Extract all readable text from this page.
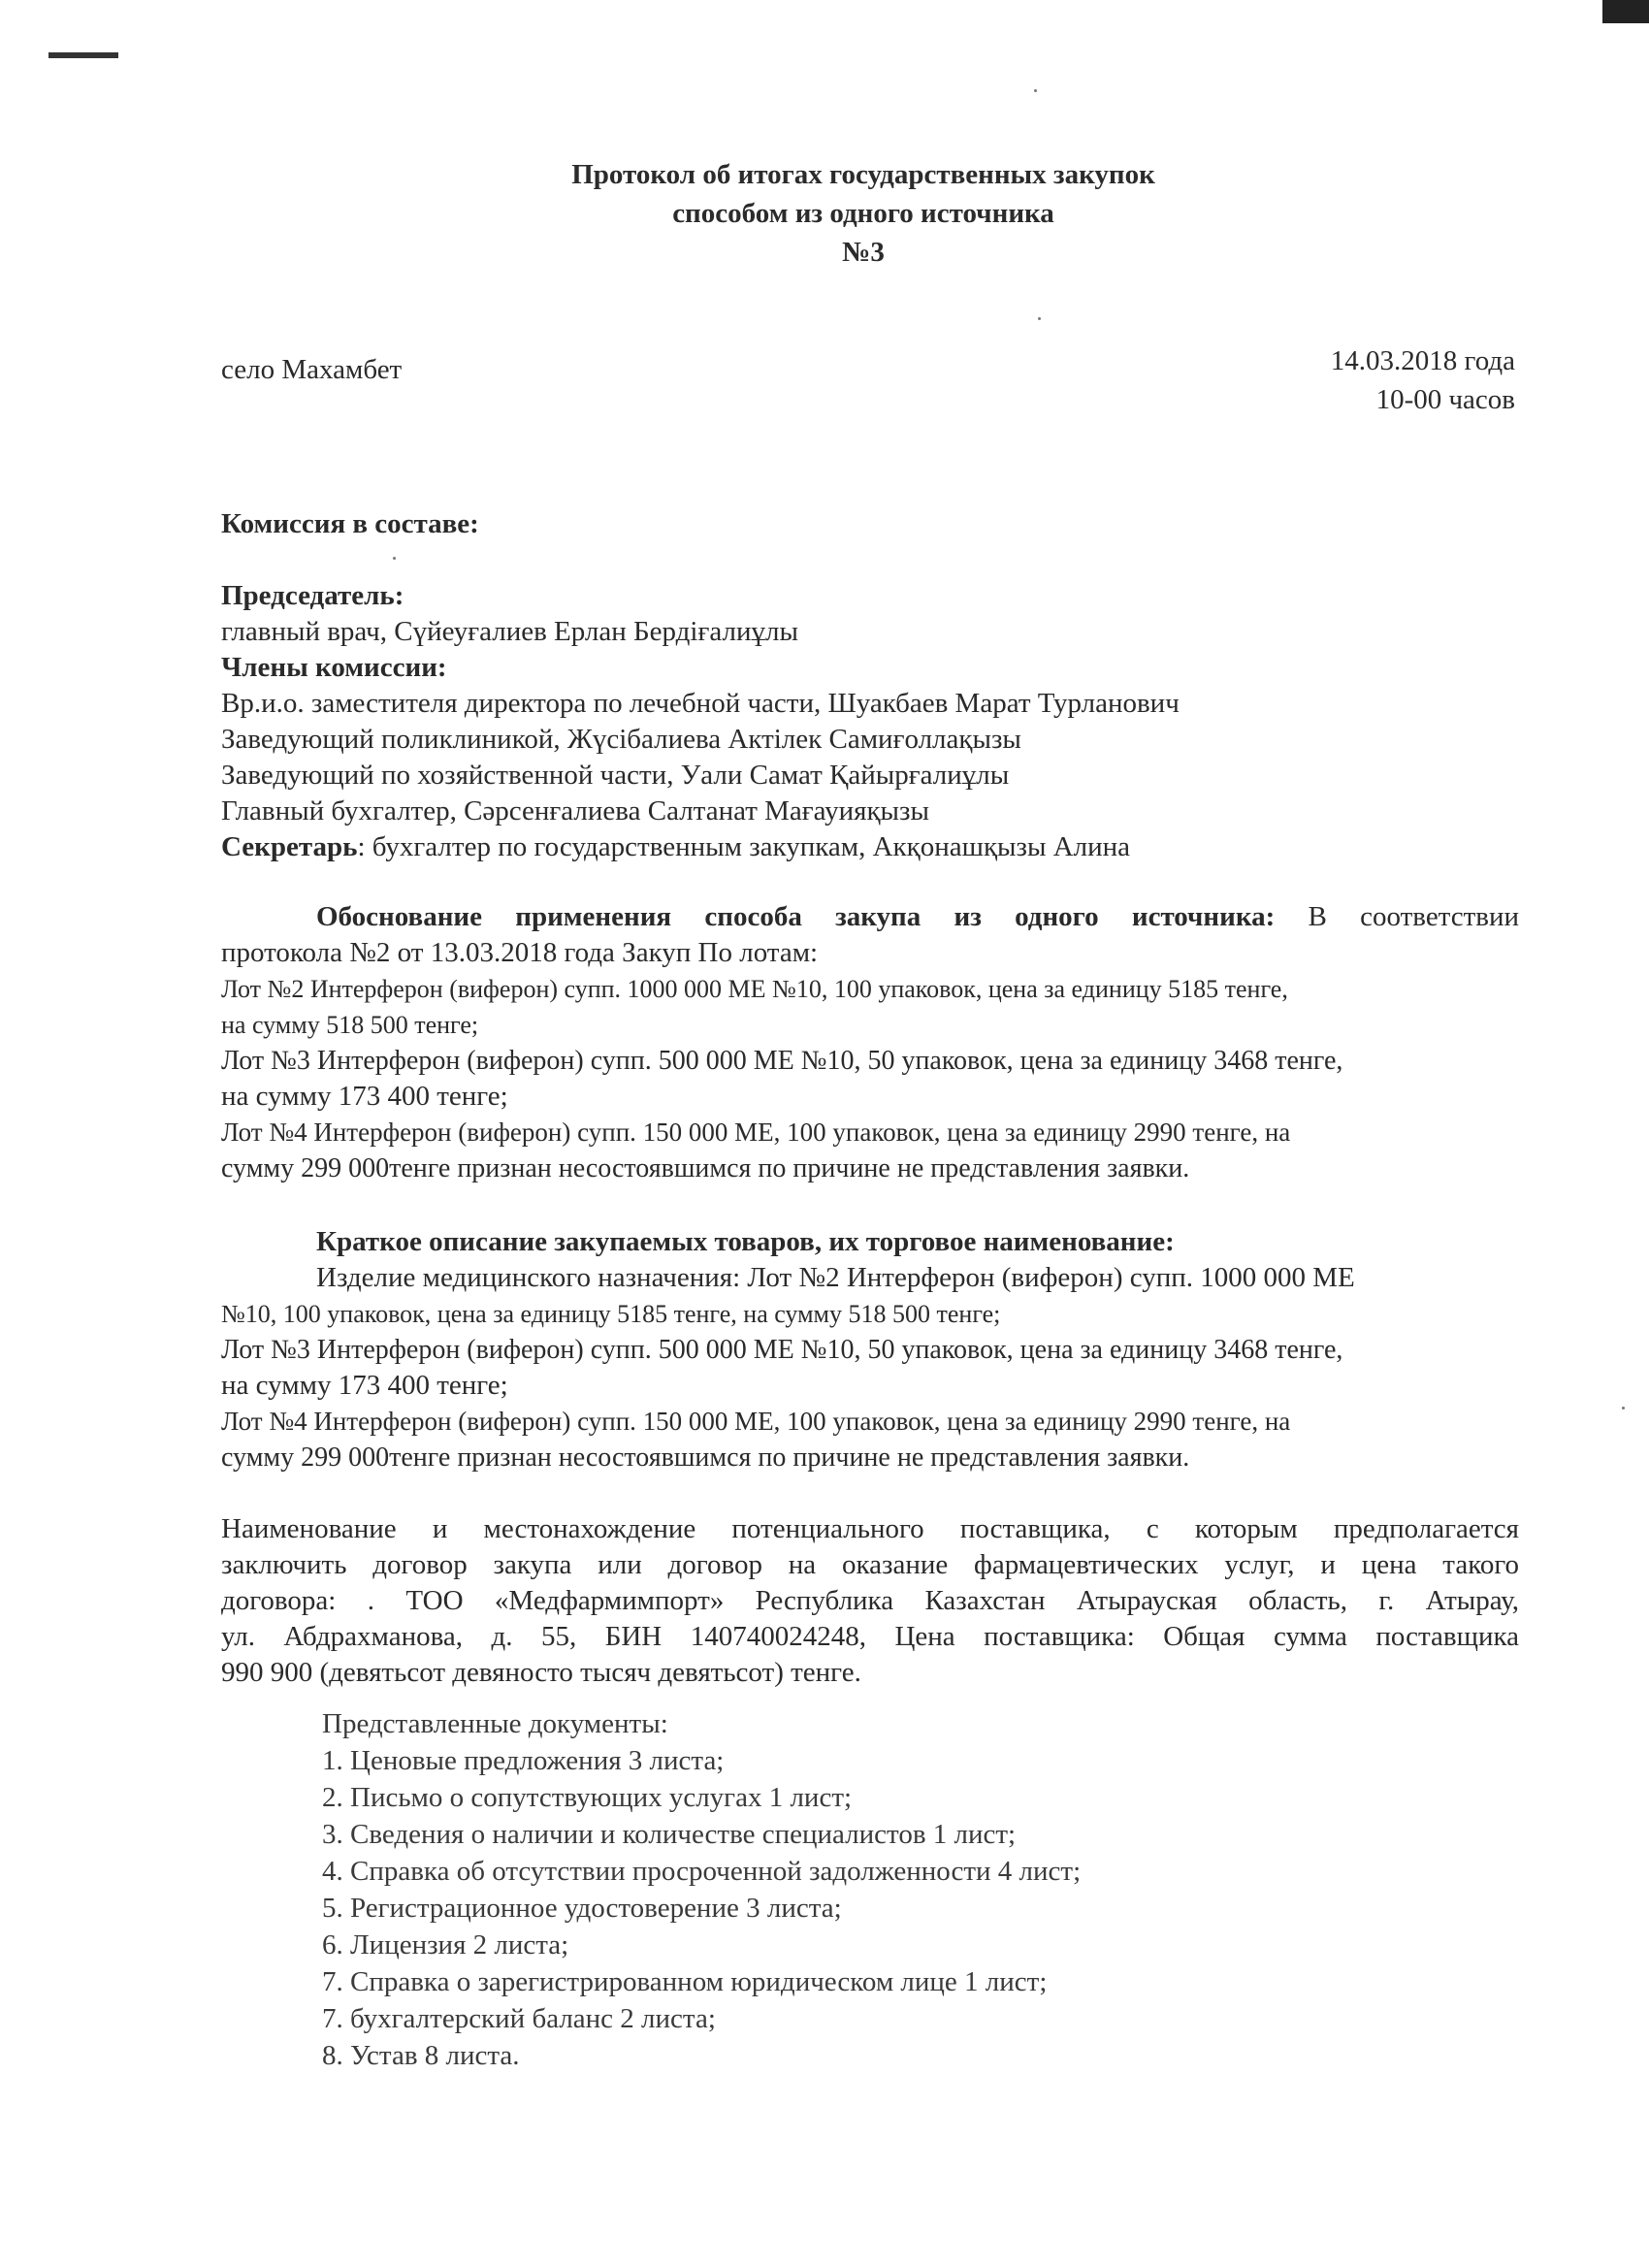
Протокол об итогах государственных закупок
способом из одного источника
№3
село Махамбет	14.03.2018 года
10-00 часов
Комиссия в составе:
Председатель:
главный врач, Сүйеуғалиев Ерлан Бердіғалиұлы
Члены комиссии:
Вр.и.о. заместителя директора по лечебной части, Шуакбаев Марат Турланович
Заведующий поликлиникой, Жүсібалиева Актілек Самиғоллақызы
Заведующий по хозяйственной части, Уали Самат Қайырғалиұлы
Главный бухгалтер, Сәрсенғалиева Салтанат Мағауияқызы
Секретарь: бухгалтер по государственным закупкам, Акқонашқызы Алина
Обоснование применения способа закупа из одного источника: В соответствии
протокола №2 от 13.03.2018 года Закуп По лотам:
Лот №2 Интерферон (виферон) супп. 1000 000 МЕ №10, 100 упаковок, цена за единицу 5185 тенге,
на сумму 518 500 тенге;
Лот №3 Интерферон (виферон) супп. 500 000 МЕ №10, 50 упаковок, цена за единицу 3468 тенге,
на сумму 173 400 тенге;
Лот №4 Интерферон (виферон) супп. 150 000 МЕ, 100 упаковок, цена за единицу 2990 тенге, на
сумму 299 000тенге признан несостоявшимся по причине не представления заявки.
Краткое описание закупаемых товаров, их торговое наименование:
Изделие медицинского назначения: Лот №2 Интерферон (виферон) супп. 1000 000 МЕ
№10, 100 упаковок, цена за единицу 5185 тенге, на сумму 518 500 тенге;
Лот №3 Интерферон (виферон) супп. 500 000 МЕ №10, 50 упаковок, цена за единицу 3468 тенге,
на сумму 173 400 тенге;
Лот №4 Интерферон (виферон) супп. 150 000 МЕ, 100 упаковок, цена за единицу 2990 тенге, на
сумму 299 000тенге признан несостоявшимся по причине не представления заявки.
Наименование и местонахождение потенциального поставщика, с которым предполагается
заключить договор закупа или договор на оказание фармацевтических услуг, и цена такого
договора: . ТОО «Медфармимпорт» Республика Казахстан Атырауская область, г. Атырау,
ул. Абдрахманова, д. 55, БИН 140740024248, Цена поставщика: Общая сумма поставщика
990 900 (девятьсот девяносто тысяч девятьсот) тенге.
Представленные документы:
1. Ценовые предложения 3 листа;
2. Письмо о сопутствующих услугах 1 лист;
3. Сведения о наличии и количестве специалистов 1 лист;
4. Справка об отсутствии просроченной задолженности 4 лист;
5. Регистрационное удостоверение 3 листа;
6. Лицензия 2 листа;
7. Справка о зарегистрированном юридическом лице 1 лист;
7. бухгалтерский баланс 2 листа;
8. Устав 8 листа.
